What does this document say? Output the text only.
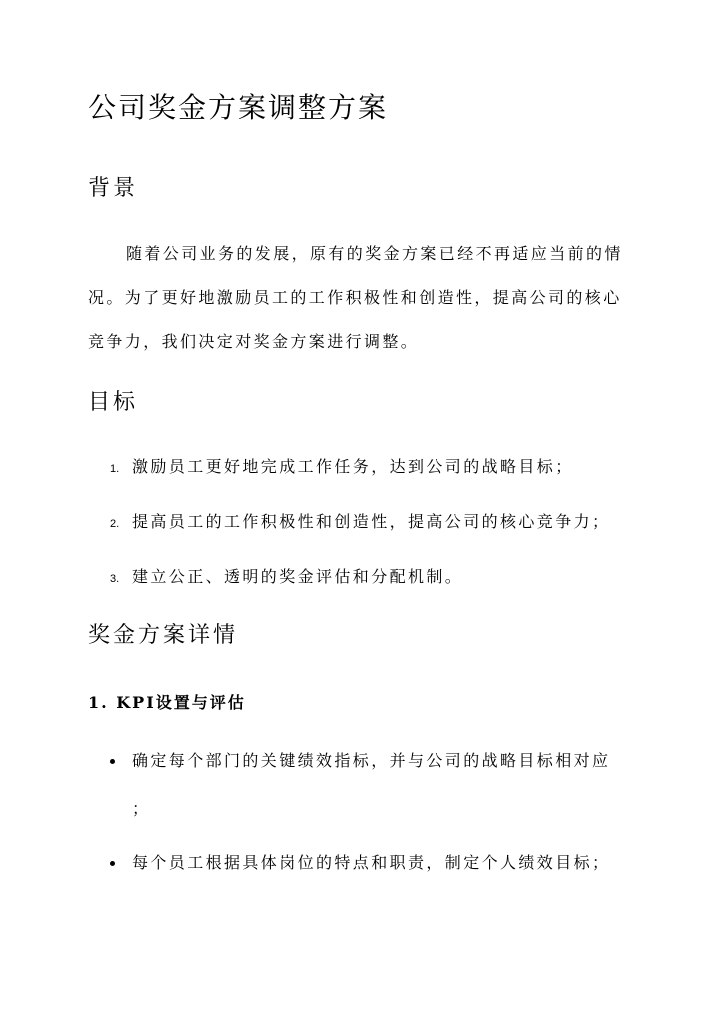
公司奖金方案调整方案
背景
随着公司业务的发展，原有的奖金方案已经不再适应当前的情
况。为了更好地激励员工的工作积极性和创造性，提高公司的核心
竞争力，我们决定对奖金方案进行调整。
目标
1. 激励员工更好地完成工作任务，达到公司的战略目标；
2. 提高员工的工作积极性和创造性，提高公司的核心竞争力；
3. 建立公正、透明的奖金评估和分配机制。
奖金方案详情
1. KPI设置与评估
确定每个部门的关键绩效指标，并与公司的战略目标相对应
；
每个员工根据具体岗位的特点和职责，制定个人绩效目标；
